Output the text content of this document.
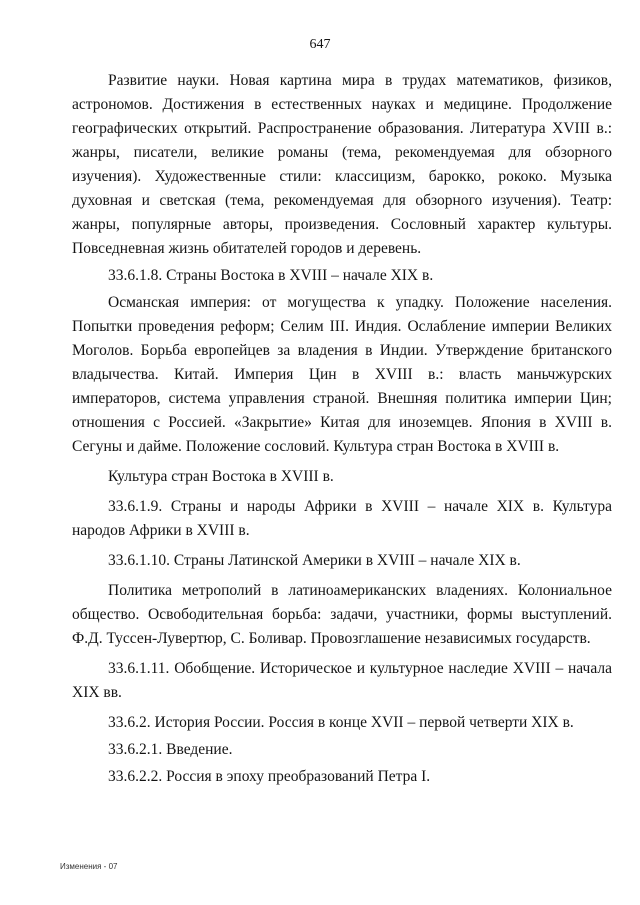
647

Развитие науки. Новая картина мира в трудах математиков, физиков, астрономов. Достижения в естественных науках и медицине. Продолжение географических открытий. Распространение образования. Литература XVIII в.: жанры, писатели, великие романы (тема, рекомендуемая для обзорного изучения). Художественные стили: классицизм, барокко, рококо. Музыка духовная и светская (тема, рекомендуемая для обзорного изучения). Театр: жанры, популярные авторы, произведения. Сословный характер культуры. Повседневная жизнь обитателей городов и деревень.

33.6.1.8. Страны Востока в XVIII – начале XIX в.

Османская империя: от могущества к упадку. Положение населения. Попытки проведения реформ; Селим III. Индия. Ослабление империи Великих Моголов. Борьба европейцев за владения в Индии. Утверждение британского владычества. Китай. Империя Цин в XVIII в.: власть маньчжурских императоров, система управления страной. Внешняя политика империи Цин; отношения с Россией. «Закрытие» Китая для иноземцев. Япония в XVIII в. Сегуны и дайме. Положение сословий. Культура стран Востока в XVIII в.

Культура стран Востока в XVIII в.

33.6.1.9. Страны и народы Африки в XVIII – начале XIX в. Культура народов Африки в XVIII в.

33.6.1.10. Страны Латинской Америки в XVIII – начале XIX в.

Политика метрополий в латиноамериканских владениях. Колониальное общество. Освободительная борьба: задачи, участники, формы выступлений. Ф.Д. Туссен-Лувертюр, С. Боливар. Провозглашение независимых государств.

33.6.1.11. Обобщение. Историческое и культурное наследие XVIII – начала XIX вв.

33.6.2. История России. Россия в конце XVII – первой четверти XIX в.

33.6.2.1. Введение.

33.6.2.2. Россия в эпоху преобразований Петра I.

Изменения - 07
